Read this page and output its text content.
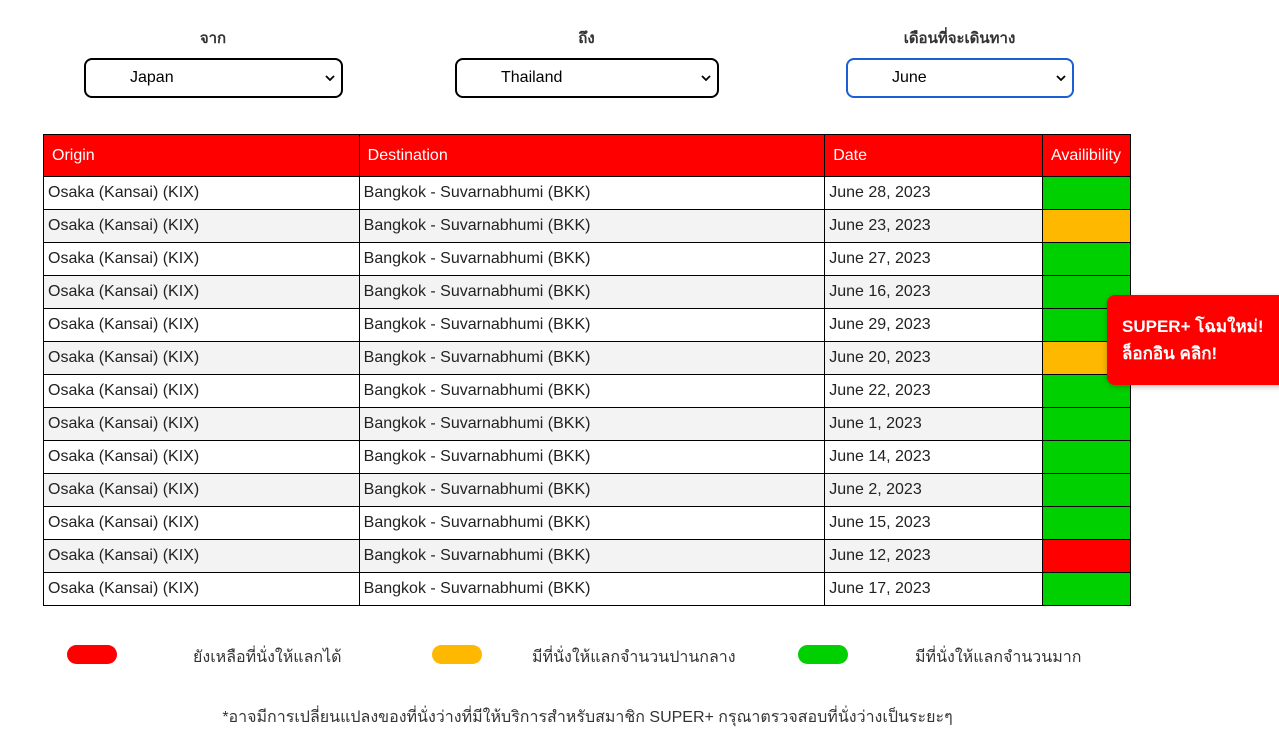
จาก
Japan
ถึง
Thailand
เดือนที่จะเดินทาง
June
Origin	Destination	Date	Availibility
Osaka (Kansai) (KIX)	Bangkok - Suvarnabhumi (BKK)	June 28, 2023	
Osaka (Kansai) (KIX)	Bangkok - Suvarnabhumi (BKK)	June 23, 2023	
Osaka (Kansai) (KIX)	Bangkok - Suvarnabhumi (BKK)	June 27, 2023	
Osaka (Kansai) (KIX)	Bangkok - Suvarnabhumi (BKK)	June 16, 2023	
Osaka (Kansai) (KIX)	Bangkok - Suvarnabhumi (BKK)	June 29, 2023	
Osaka (Kansai) (KIX)	Bangkok - Suvarnabhumi (BKK)	June 20, 2023	
Osaka (Kansai) (KIX)	Bangkok - Suvarnabhumi (BKK)	June 22, 2023	
Osaka (Kansai) (KIX)	Bangkok - Suvarnabhumi (BKK)	June 1, 2023	
Osaka (Kansai) (KIX)	Bangkok - Suvarnabhumi (BKK)	June 14, 2023	
Osaka (Kansai) (KIX)	Bangkok - Suvarnabhumi (BKK)	June 2, 2023	
Osaka (Kansai) (KIX)	Bangkok - Suvarnabhumi (BKK)	June 15, 2023	
Osaka (Kansai) (KIX)	Bangkok - Suvarnabhumi (BKK)	June 12, 2023	
Osaka (Kansai) (KIX)	Bangkok - Suvarnabhumi (BKK)	June 17, 2023	
SUPER+ โฉมใหม่!
ล็อกอิน คลิก!
ยังเหลือที่นั่งให้แลกได้	มีที่นั่งให้แลกจำนวนปานกลาง	มีที่นั่งให้แลกจำนวนมาก
*อาจมีการเปลี่ยนแปลงของที่นั่งว่างที่มีให้บริการสำหรับสมาชิก SUPER+ กรุณาตรวจสอบที่นั่งว่างเป็นระยะๆ
